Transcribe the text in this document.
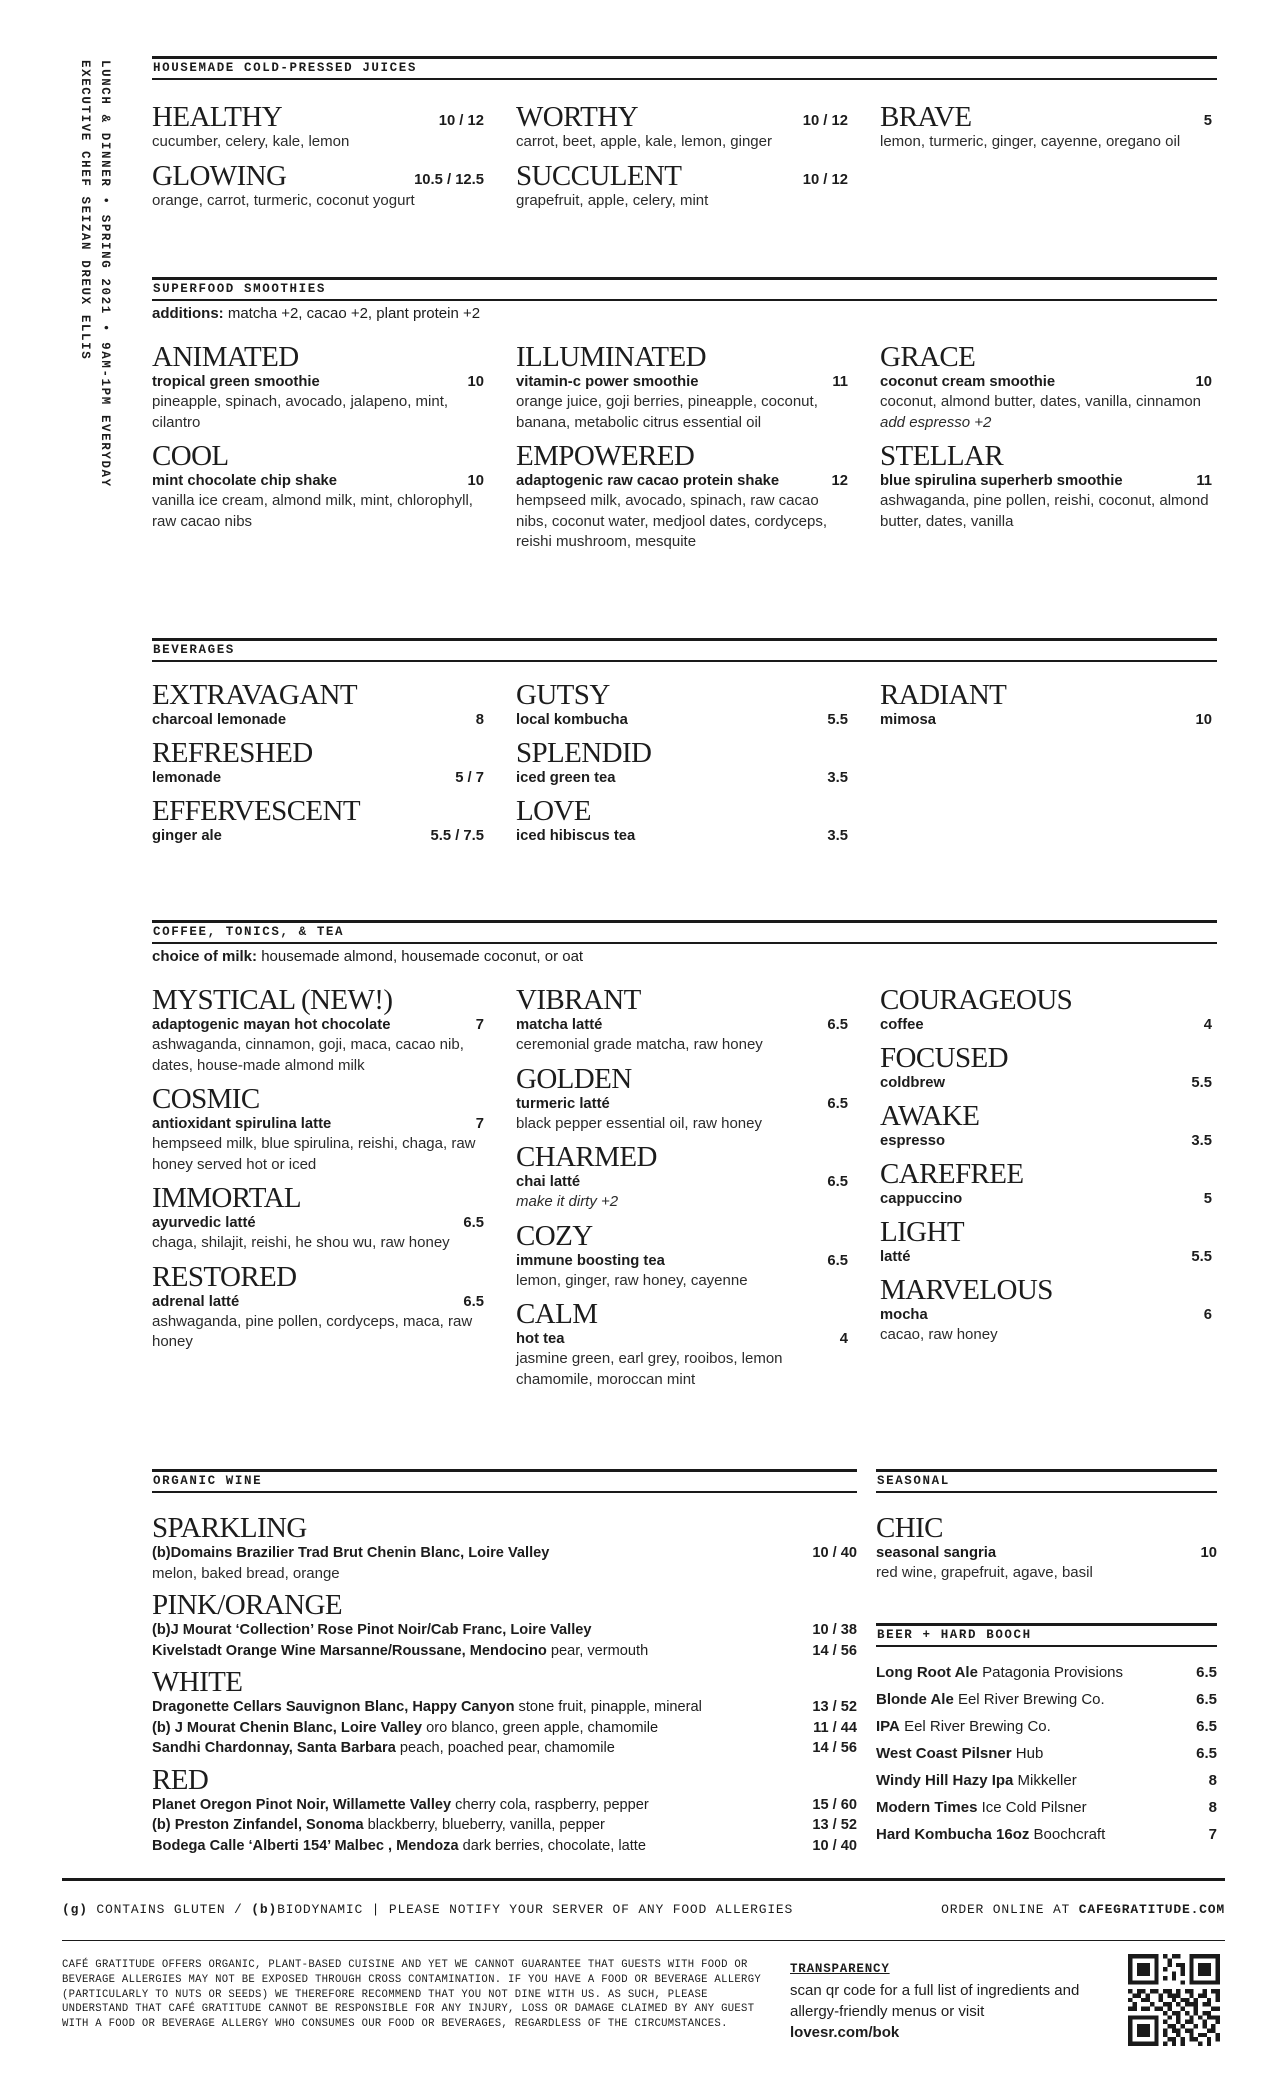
LUNCH & DINNER • SPRING 2021 • 9AM-1PM EVERYDAY
EXECUTIVE CHEF SEIZAN DREUX ELLIS	HOUSEMADE COLD-PRESSED JUICES
HEALTHY	10 / 12
cucumber, celery, kale, lemon
GLOWING	10.5 / 12.5
orange, carrot, turmeric, coconut yogurt
WORTHY	10 / 12
carrot, beet, apple, kale, lemon, ginger
SUCCULENT	10 / 12
grapefruit, apple, celery, mint
BRAVE	5
lemon, turmeric, ginger, cayenne, oregano oil
SUPERFOOD SMOOTHIES
additions: matcha +2, cacao +2, plant protein +2
ANIMATED
tropical green smoothie	10
pineapple, spinach, avocado, jalapeno, mint, cilantro
COOL
mint chocolate chip shake	10
vanilla ice cream, almond milk, mint, chlorophyll, raw cacao nibs
ILLUMINATED
vitamin-c power smoothie	11
orange juice, goji berries, pineapple, coconut, banana, metabolic citrus essential oil
EMPOWERED
adaptogenic raw cacao protein shake	12
hempseed milk, avocado, spinach, raw cacao nibs, coconut water, medjool dates, cordyceps, reishi mushroom, mesquite
GRACE
coconut cream smoothie	10
coconut, almond butter, dates, vanilla, cinnamon add espresso +2
STELLAR
blue spirulina superherb smoothie	11
ashwaganda, pine pollen, reishi, coconut, almond butter, dates, vanilla
BEVERAGES
EXTRAVAGANT
charcoal lemonade	8
REFRESHED
lemonade	5 / 7
EFFERVESCENT
ginger ale	5.5 / 7.5
GUTSY
local kombucha	5.5
SPLENDID
iced green tea	3.5
LOVE
iced hibiscus tea	3.5
RADIANT
mimosa	10
COFFEE, TONICS, & TEA
choice of milk: housemade almond, housemade coconut, or oat
MYSTICAL (NEW!)
adaptogenic mayan hot chocolate	7
ashwaganda, cinnamon, goji, maca, cacao nib, dates, house-made almond milk
COSMIC
antioxidant spirulina latte	7
hempseed milk, blue spirulina, reishi, chaga, raw honey served hot or iced
IMMORTAL
ayurvedic latté	6.5
chaga, shilajit, reishi, he shou wu, raw honey
RESTORED
adrenal latté	6.5
ashwaganda, pine pollen, cordyceps, maca, raw honey
VIBRANT
matcha latté	6.5
ceremonial grade matcha, raw honey
GOLDEN
turmeric latté	6.5
black pepper essential oil, raw honey
CHARMED
chai latté	6.5
make it dirty +2
COZY
immune boosting tea	6.5
lemon, ginger, raw honey, cayenne
CALM
hot tea	4
jasmine green, earl grey, rooibos, lemon chamomile, moroccan mint
COURAGEOUS
coffee	4
FOCUSED
coldbrew	5.5
AWAKE
espresso	3.5
CAREFREE
cappuccino	5
LIGHT
latté	5.5
MARVELOUS
mocha	6
cacao, raw honey
ORGANIC WINE
SPARKLING
(b)Domains Brazilier Trad Brut Chenin Blanc, Loire Valley	10 / 40
melon, baked bread, orange
PINK/ORANGE
(b)J Mourat ‘Collection’ Rose Pinot Noir/Cab Franc, Loire Valley	10 / 38
Kivelstadt Orange Wine Marsanne/Roussane, Mendocino pear, vermouth	14 / 56
WHITE
Dragonette Cellars Sauvignon Blanc, Happy Canyon stone fruit, pinapple, mineral	13 / 52
(b) J Mourat Chenin Blanc, Loire Valley oro blanco, green apple, chamomile	11 / 44
Sandhi Chardonnay, Santa Barbara peach, poached pear, chamomile	14 / 56
RED
Planet Oregon Pinot Noir, Willamette Valley cherry cola, raspberry, pepper	15 / 60
(b) Preston Zinfandel, Sonoma blackberry, blueberry, vanilla, pepper	13 / 52
Bodega Calle ‘Alberti 154’ Malbec , Mendoza dark berries, chocolate, latte	10 / 40
SEASONAL
CHIC
seasonal sangria	10
red wine, grapefruit, agave, basil
BEER + HARD BOOCH
Long Root Ale Patagonia Provisions	6.5
Blonde Ale Eel River Brewing Co.	6.5
IPA Eel River Brewing Co.	6.5
West Coast Pilsner Hub	6.5
Windy Hill Hazy Ipa Mikkeller	8
Modern Times Ice Cold Pilsner	8
Hard Kombucha 16oz Boochcraft	7
(g) CONTAINS GLUTEN / (b)BIODYNAMIC | PLEASE NOTIFY YOUR SERVER OF ANY FOOD ALLERGIES	ORDER ONLINE AT CAFEGRATITUDE.COM
CAFÉ GRATITUDE OFFERS ORGANIC, PLANT-BASED CUISINE AND YET WE CANNOT GUARANTEE THAT GUESTS WITH FOOD OR BEVERAGE ALLERGIES MAY NOT BE EXPOSED THROUGH CROSS CONTAMINATION. IF YOU HAVE A FOOD OR BEVERAGE ALLERGY (PARTICULARLY TO NUTS OR SEEDS) WE THEREFORE RECOMMEND THAT YOU NOT DINE WITH US. AS SUCH, PLEASE UNDERSTAND THAT CAFÉ GRATITUDE CANNOT BE RESPONSIBLE FOR ANY INJURY, LOSS OR DAMAGE CLAIMED BY ANY GUEST WITH A FOOD OR BEVERAGE ALLERGY WHO CONSUMES OUR FOOD OR BEVERAGES, REGARDLESS OF THE CIRCUMSTANCES.
TRANSPARENCY
scan qr code for a full list of ingredients and allergy-friendly menus or visit
lovesr.com/bok
